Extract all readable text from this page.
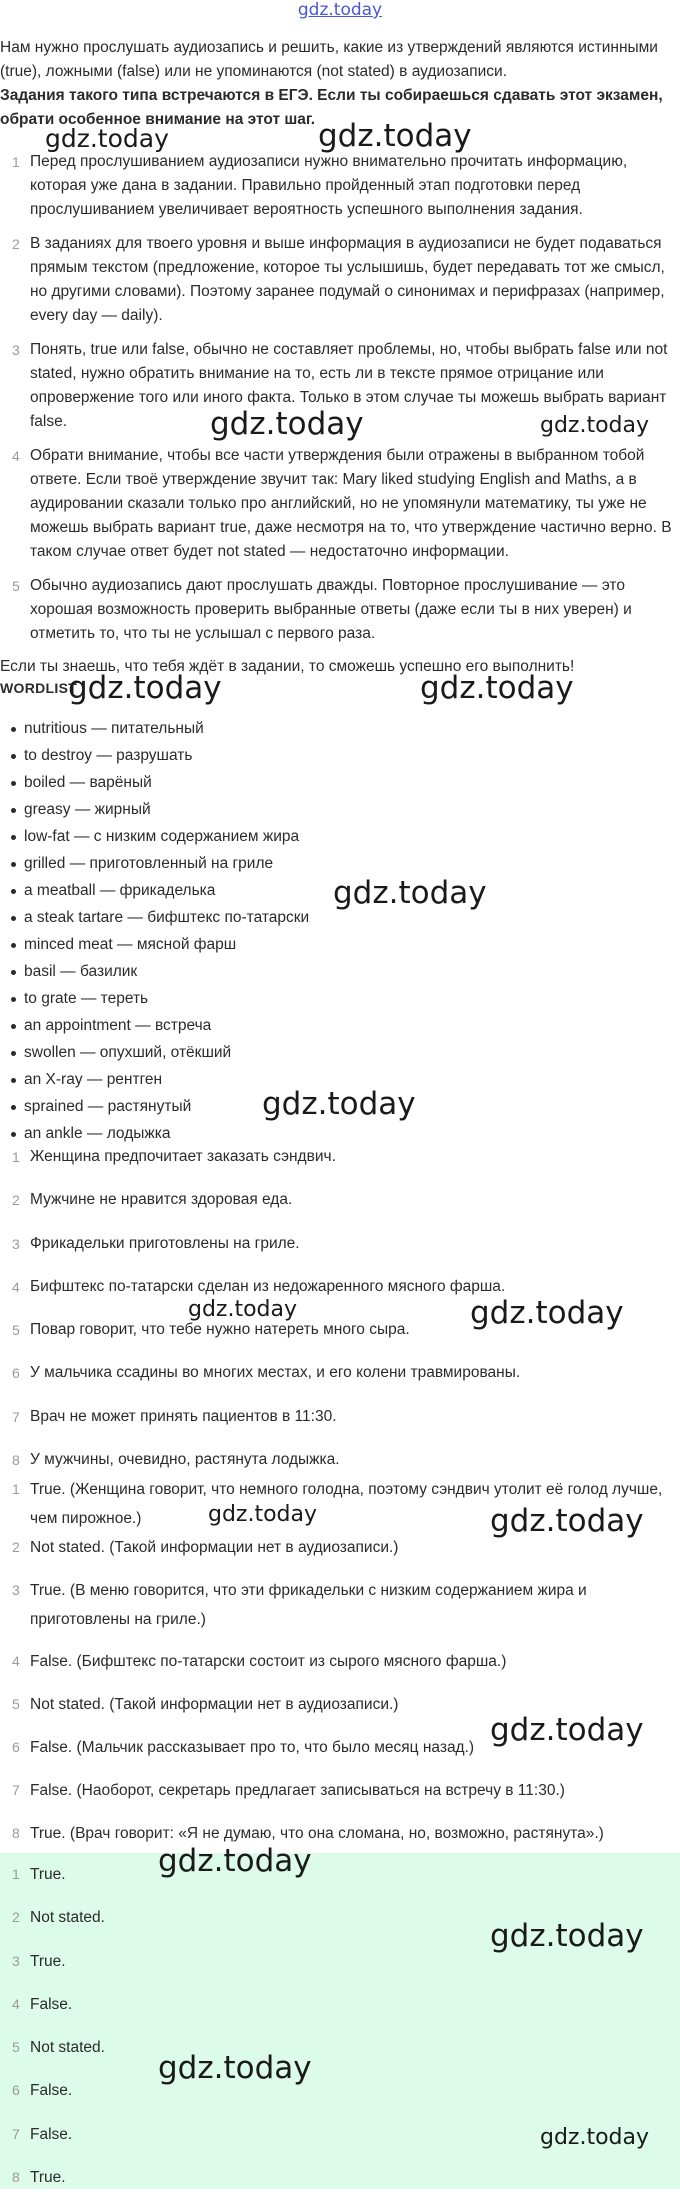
gdz.today
Нам нужно прослушать аудиозапись и решить, какие из утверждений являются истинными (true), ложными (false) или не упоминаются (not stated) в аудиозаписи.
Задания такого типа встречаются в ЕГЭ. Если ты собираешься сдавать этот экзамен, обрати особенное внимание на этот шаг.
1 Перед прослушиванием аудиозаписи нужно внимательно прочитать информацию, которая уже дана в задании. Правильно пройденный этап подготовки перед прослушиванием увеличивает вероятность успешного выполнения задания.
2 В заданиях для твоего уровня и выше информация в аудиозаписи не будет подаваться прямым текстом (предложение, которое ты услышишь, будет передавать тот же смысл, но другими словами). Поэтому заранее подумай о синонимах и перифразах (например, every day — daily).
3 Понять, true или false, обычно не составляет проблемы, но, чтобы выбрать false или not stated, нужно обратить внимание на то, есть ли в тексте прямое отрицание или опровержение того или иного факта. Только в этом случае ты можешь выбрать вариант false.
4 Обрати внимание, чтобы все части утверждения были отражены в выбранном тобой ответе. Если твоё утверждение звучит так: Mary liked studying English and Maths, а в аудировании сказали только про английский, но не упомянули математику, ты уже не можешь выбрать вариант true, даже несмотря на то, что утверждение частично верно. В таком случае ответ будет not stated — недостаточно информации.
5 Обычно аудиозапись дают прослушать дважды. Повторное прослушивание — это хорошая возможность проверить выбранные ответы (даже если ты в них уверен) и отметить то, что ты не услышал с первого раза.
Если ты знаешь, что тебя ждёт в задании, то сможешь успешно его выполнить!
WORDLIST
nutritious — питательный
to destroy — разрушать
boiled — варёный
greasy — жирный
low-fat — с низким содержанием жира
grilled — приготовленный на гриле
a meatball — фрикаделька
a steak tartare — бифштекс по-татарски
minced meat — мясной фарш
basil — базилик
to grate — тереть
an appointment — встреча
swollen — опухший, отёкший
an X-ray — рентген
sprained — растянутый
an ankle — лодыжка
1 Женщина предпочитает заказать сэндвич.
2 Мужчине не нравится здоровая еда.
3 Фрикадельки приготовлены на гриле.
4 Бифштекс по-татарски сделан из недожаренного мясного фарша.
5 Повар говорит, что тебе нужно натереть много сыра.
6 У мальчика ссадины во многих местах, и его колени травмированы.
7 Врач не может принять пациентов в 11:30.
8 У мужчины, очевидно, растянута лодыжка.
1 True. (Женщина говорит, что немного голодна, поэтому сэндвич утолит её голод лучше, чем пирожное.)
2 Not stated. (Такой информации нет в аудиозаписи.)
3 True. (В меню говорится, что эти фрикадельки с низким содержанием жира и приготовлены на гриле.)
4 False. (Бифштекс по-татарски состоит из сырого мясного фарша.)
5 Not stated. (Такой информации нет в аудиозаписи.)
6 False. (Мальчик рассказывает про то, что было месяц назад.)
7 False. (Наоборот, секретарь предлагает записываться на встречу в 11:30.)
8 True. (Врач говорит: «Я не думаю, что она сломана, но, возможно, растянута».)
1 True.
2 Not stated.
3 True.
4 False.
5 Not stated.
6 False.
7 False.
8 True.
gdz.today	gdz.today
gdz.today	gdz.today
gdz.today	gdz.today
gdz.today
gdz.today
gdz.today	gdz.today
gdz.today	gdz.today
gdz.today
gdz.today
gdz.today
gdz.today
gdz.today
